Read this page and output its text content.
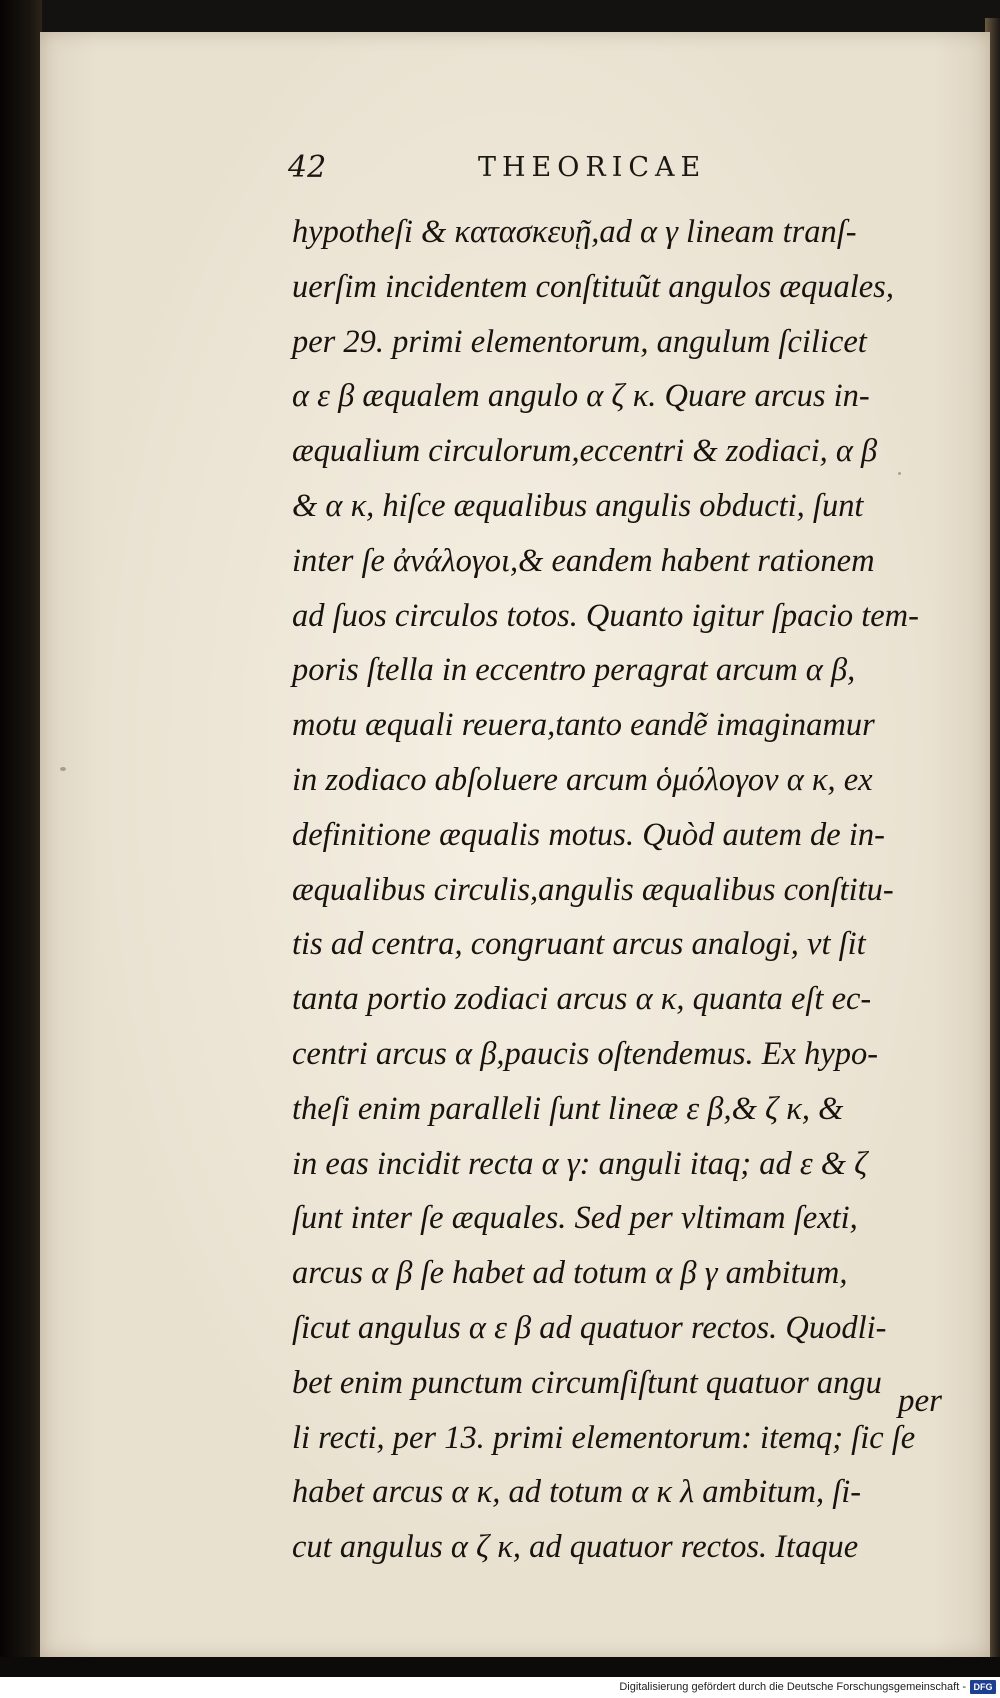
42	THEORICAE
hypotheſi & κατασκευῇ,ad α γ lineam tranſ-
uerſim incidentem conſtituũt angulos æquales,
per 29. primi elementorum, angulum ſcilicet
α ε β æqualem angulo α ζ κ. Quare arcus in-
æqualium circulorum,eccentri & zodiaci, α β
& α κ, hiſce æqualibus angulis obducti, ſunt
inter ſe ἀνάλογοι,& eandem habent rationem
ad ſuos circulos totos. Quanto igitur ſpacio tem-
poris ſtella in eccentro peragrat arcum α β,
motu æquali reuera,tanto eandẽ imaginamur
in zodiaco abſoluere arcum ὁμόλογον α κ, ex
definitione æqualis motus. Quòd autem de in-
æqualibus circulis,angulis æqualibus conſtitu-
tis ad centra, congruant arcus analogi, vt ſit
tanta portio zodiaci arcus α κ, quanta eſt ec-
centri arcus α β,paucis oſtendemus. Ex hypo-
theſi enim paralleli ſunt lineæ ε β,& ζ κ, &
in eas incidit recta α γ: anguli itaq; ad ε & ζ
ſunt inter ſe æquales. Sed per vltimam ſexti,
arcus α β ſe habet ad totum α β γ ambitum,
ſicut angulus α ε β ad quatuor rectos. Quodli-
bet enim punctum circumſiſtunt quatuor angu
li recti, per 13. primi elementorum: itemq; ſic ſe
habet arcus α κ, ad totum α κ λ ambitum, ſi-
cut angulus α ζ κ, ad quatuor rectos. Itaque
per
Digitalisierung gefördert durch die Deutsche Forschungsgemeinschaft - DFG
